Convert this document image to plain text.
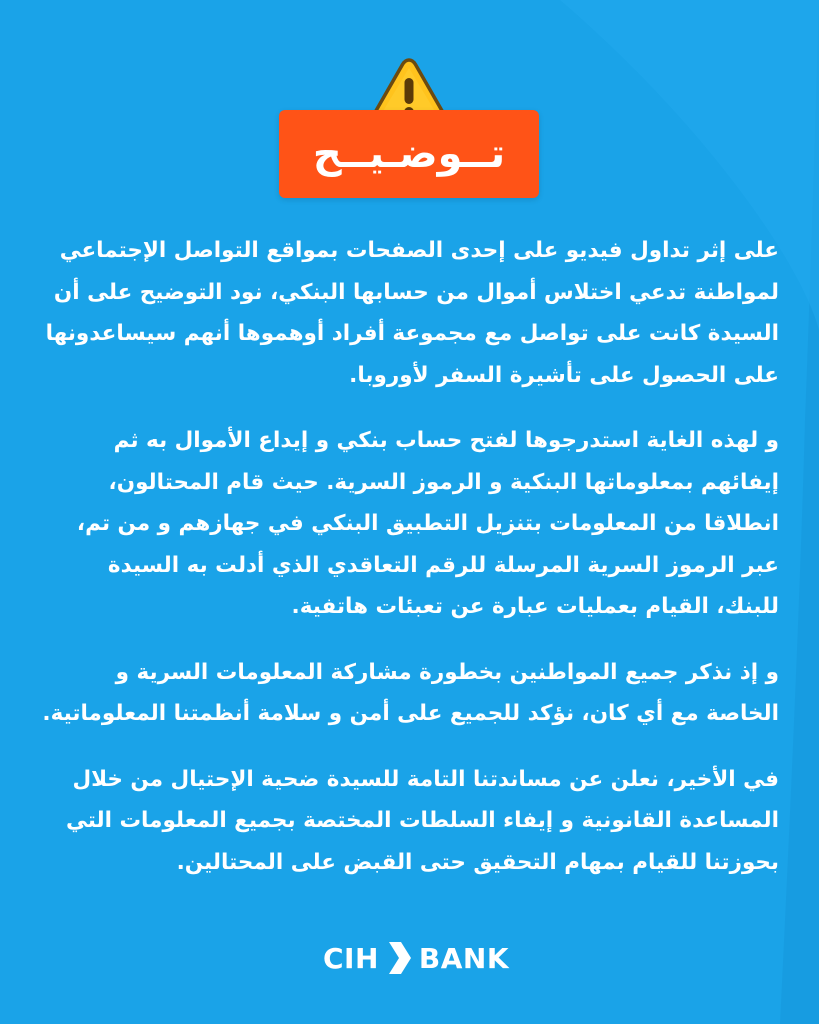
تــوضـيــح

على إثر تداول فيديو على إحدى الصفحات بمواقع التواصل الإجتماعي لمواطنة تدعي اختلاس أموال من حسابها البنكي، نود التوضيح على أن السيدة كانت على تواصل مع مجموعة أفراد أوهموها أنهم سيساعدونها على الحصول على تأشيرة السفر لأوروبا.

و لهذه الغاية استدرجوها لفتح حساب بنكي و إيداع الأموال به ثم إيفائهم بمعلوماتها البنكية و الرموز السرية. حيث قام المحتالون، انطلاقا من المعلومات بتنزيل التطبيق البنكي في جهازهم و من تم، عبر الرموز السرية المرسلة للرقم التعاقدي الذي أدلت به السيدة للبنك، القيام بعمليات عبارة عن تعبئات هاتفية.

و إذ نذكر جميع المواطنين بخطورة مشاركة المعلومات السرية و الخاصة مع أي كان، نؤكد للجميع على أمن و سلامة أنظمتنا المعلوماتية.

في الأخير، نعلن عن مساندتنا التامة للسيدة ضحية الإحتيال من خلال المساعدة القانونية و إيفاء السلطات المختصة بجميع المعلومات التي بحوزتنا للقيام بمهام التحقيق حتى القبض على المحتالين.

CIH BANK
